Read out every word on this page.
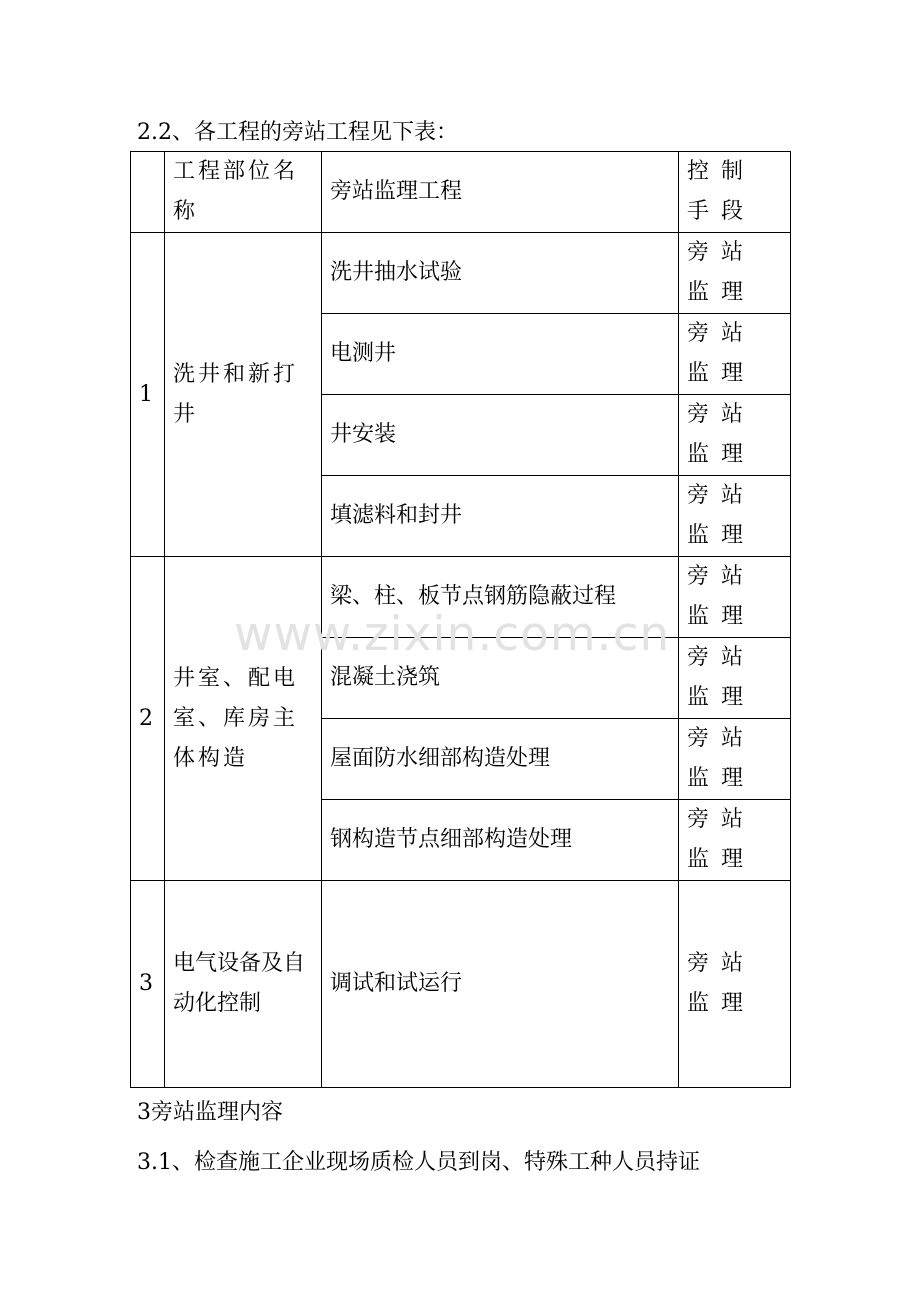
2.2、各工程的旁站工程见下表：
	工程部位名称	旁站监理工程	控制手段
1	洗井和新打井	洗井抽水试验	旁站监理
		电测井	旁站监理
		井安装	旁站监理
		填滤料和封井	旁站监理
2	井室、配电室、库房主体构造	梁、柱、板节点钢筋隐蔽过程	旁站监理
		混凝土浇筑	旁站监理
		屋面防水细部构造处理	旁站监理
		钢构造节点细部构造处理	旁站监理
3	电气设备及自动化控制	调试和试运行	旁站监理
www.zixin.com.cn
3旁站监理内容
3.1、检查施工企业现场质检人员到岗、特殊工种人员持证
